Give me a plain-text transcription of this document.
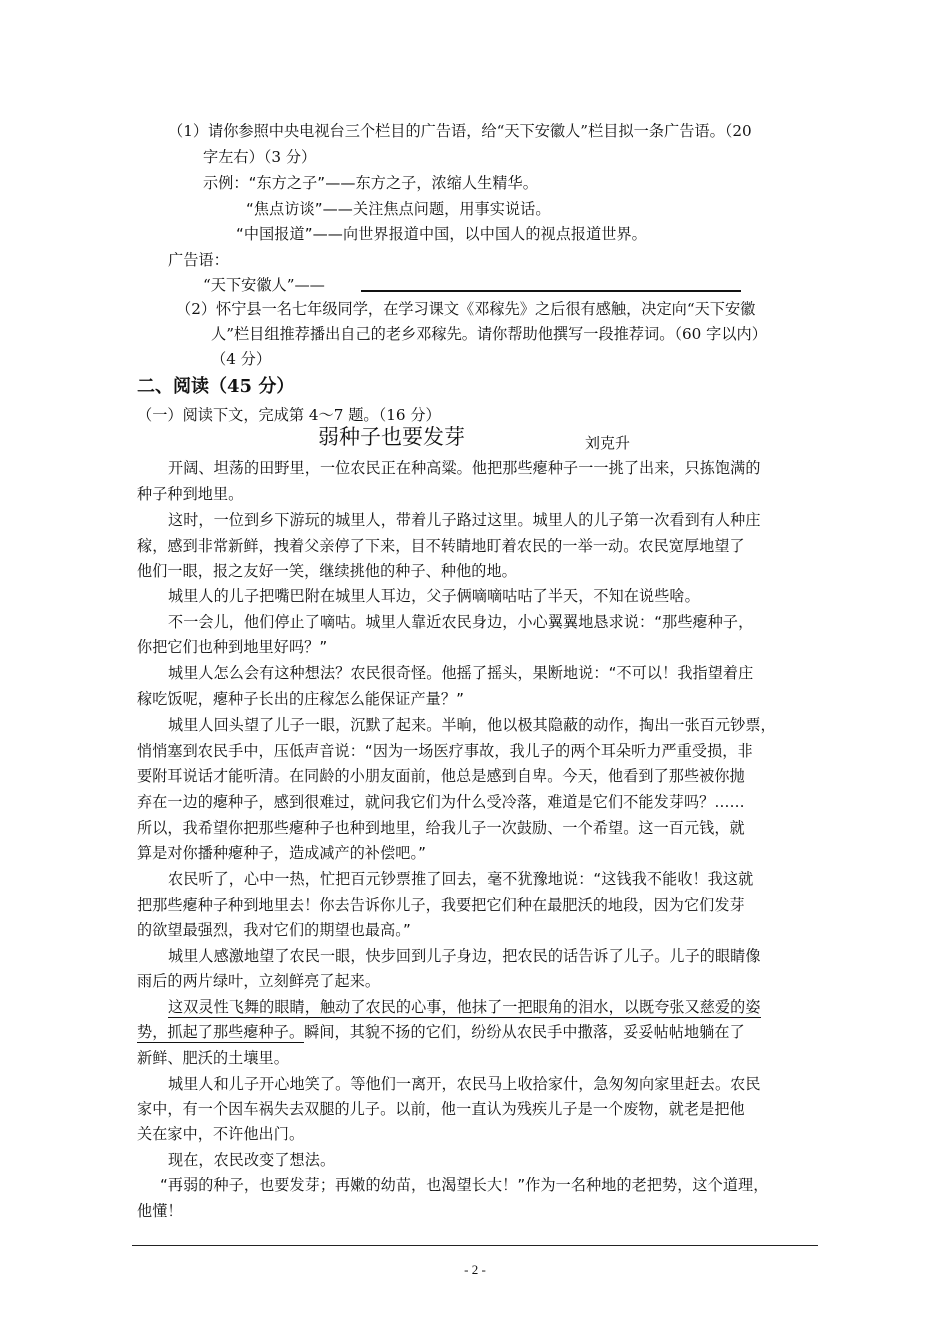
（1）请你参照中央电视台三个栏目的广告语，给“天下安徽人”栏目拟一条广告语。（20
字左右）（3 分）
示例：“东方之子”——东方之子，浓缩人生精华。
“焦点访谈”——关注焦点问题，用事实说话。
“中国报道”——向世界报道中国，以中国人的视点报道世界。
广告语：
“天下安徽人”——
（2）怀宁县一名七年级同学，在学习课文《邓稼先》之后很有感触，决定向“天下安徽
人”栏目组推荐播出自己的老乡邓稼先。请你帮助他撰写一段推荐词。（60 字以内）
（4 分）
二、阅读（45 分）
（一）阅读下文，完成第 4～7 题。（16 分）
弱种子也要发芽	刘克升
开阔、坦荡的田野里，一位农民正在种高粱。他把那些瘪种子一一挑了出来，只拣饱满的
种子种到地里。
这时，一位到乡下游玩的城里人，带着儿子路过这里。城里人的儿子第一次看到有人种庄
稼，感到非常新鲜，拽着父亲停了下来，目不转睛地盯着农民的一举一动。农民宽厚地望了
他们一眼，报之友好一笑，继续挑他的种子、种他的地。
城里人的儿子把嘴巴附在城里人耳边，父子俩嘀嘀咕咕了半天，不知在说些啥。
不一会儿，他们停止了嘀咕。城里人靠近农民身边，小心翼翼地恳求说：“那些瘪种子，
你把它们也种到地里好吗？”
城里人怎么会有这种想法？农民很奇怪。他摇了摇头，果断地说：“不可以！我指望着庄
稼吃饭呢，瘪种子长出的庄稼怎么能保证产量？”
城里人回头望了儿子一眼，沉默了起来。半晌，他以极其隐蔽的动作，掏出一张百元钞票，
悄悄塞到农民手中，压低声音说：“因为一场医疗事故，我儿子的两个耳朵听力严重受损，非
要附耳说话才能听清。在同龄的小朋友面前，他总是感到自卑。今天，他看到了那些被你抛
弃在一边的瘪种子，感到很难过，就问我它们为什么受冷落，难道是它们不能发芽吗？……
所以，我希望你把那些瘪种子也种到地里，给我儿子一次鼓励、一个希望。这一百元钱，就
算是对你播种瘪种子，造成减产的补偿吧。”
农民听了，心中一热，忙把百元钞票推了回去，毫不犹豫地说：“这钱我不能收！我这就
把那些瘪种子种到地里去！你去告诉你儿子，我要把它们种在最肥沃的地段，因为它们发芽
的欲望最强烈，我对它们的期望也最高。”
城里人感激地望了农民一眼，快步回到儿子身边，把农民的话告诉了儿子。儿子的眼睛像
雨后的两片绿叶，立刻鲜亮了起来。
这双灵性飞舞的眼睛，触动了农民的心事，他抹了一把眼角的泪水，以既夸张又慈爱的姿
势，抓起了那些瘪种子。瞬间，其貌不扬的它们，纷纷从农民手中撒落，妥妥帖帖地躺在了
新鲜、肥沃的土壤里。
城里人和儿子开心地笑了。等他们一离开，农民马上收拾家什，急匆匆向家里赶去。农民
家中，有一个因车祸失去双腿的儿子。以前，他一直认为残疾儿子是一个废物，就老是把他
关在家中，不许他出门。
现在，农民改变了想法。
“再弱的种子，也要发芽；再嫩的幼苗，也渴望长大！”作为一名种地的老把势，这个道理，
他懂！
- 2 -
